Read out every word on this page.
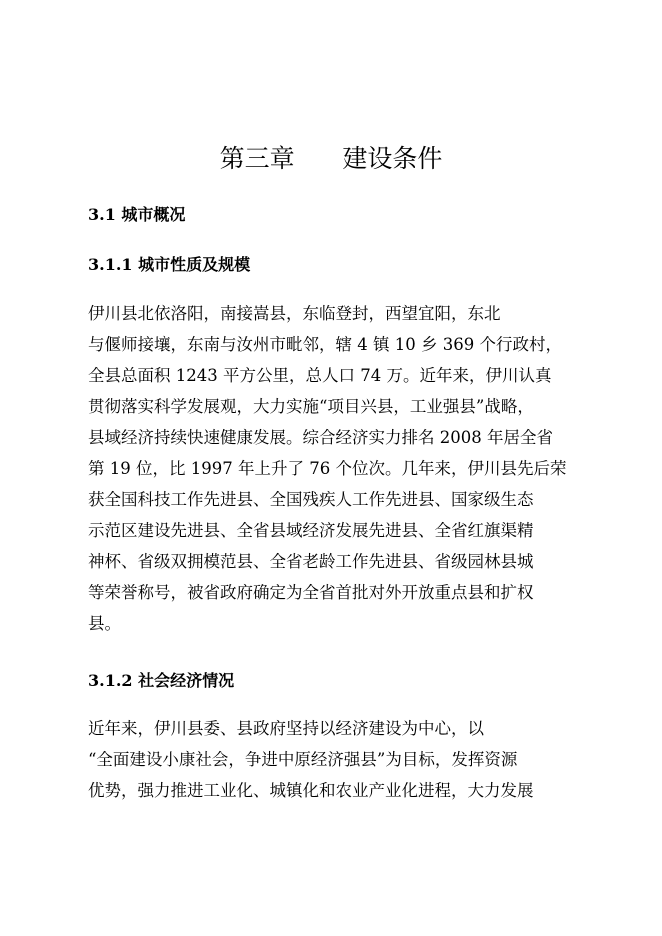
第三章      建设条件
3.1 城市概况
3.1.1 城市性质及规模
伊川县北依洛阳，南接嵩县，东临登封，西望宜阳，东北
与偃师接壤，东南与汝州市毗邻，辖 4 镇 10 乡 369 个行政村，
全县总面积 1243 平方公里，总人口 74 万。近年来，伊川认真
贯彻落实科学发展观，大力实施“项目兴县，工业强县”战略，
县域经济持续快速健康发展。综合经济实力排名 2008 年居全省
第 19 位，比 1997 年上升了 76 个位次。几年来，伊川县先后荣
获全国科技工作先进县、全国残疾人工作先进县、国家级生态
示范区建设先进县、全省县域经济发展先进县、全省红旗渠精
神杯、省级双拥模范县、全省老龄工作先进县、省级园林县城
等荣誉称号，被省政府确定为全省首批对外开放重点县和扩权
县。
3.1.2 社会经济情况
近年来，伊川县委、县政府坚持以经济建设为中心，以
“全面建设小康社会，争进中原经济强县”为目标，发挥资源
优势，强力推进工业化、城镇化和农业产业化进程，大力发展
